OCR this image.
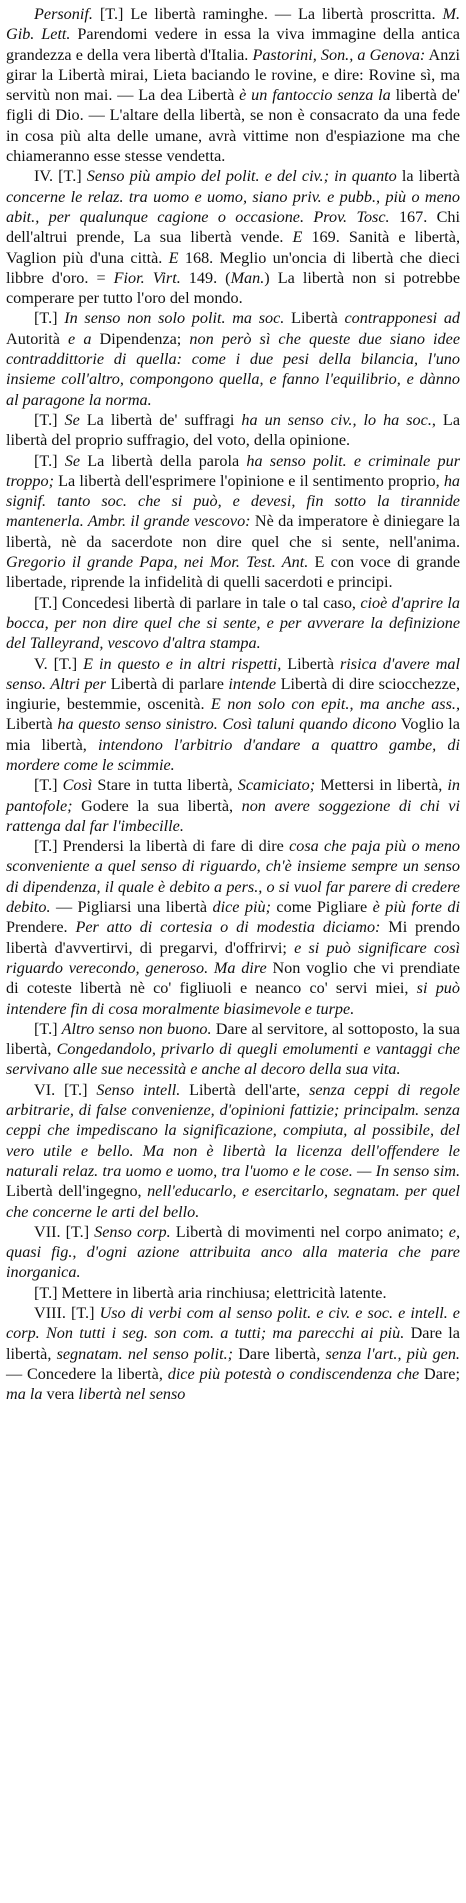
Personif. [T.] Le libertà raminghe. — La libertà proscritta. M. Gib. Lett. Parendomi vedere in essa la viva immagine della antica grandezza e della vera libertà d'Italia. Pastorini, Son., a Genova: Anzi girar la Libertà mirai, Lieta baciando le rovine, e dire: Rovine sì, ma servitù non mai. — La dea Libertà è un fantoccio senza la libertà de' figli di Dio. — L'altare della libertà, se non è consacrato da una fede in cosa più alta delle umane, avrà vittime non d'espiazione ma che chiameranno esse stesse vendetta.

IV. [T.] Senso più ampio del polit. e del civ.; in quanto la libertà concerne le relaz. tra uomo e uomo, siano priv. e pubb., più o meno abit., per qualunque cagione o occasione. Prov. Tosc. 167. Chi dell'altrui prende, La sua libertà vende. E 169. Sanità e libertà, Vaglion più d'una città. E 168. Meglio un'oncia di libertà che dieci libbre d'oro. = Fior. Virt. 149. (Man.) La libertà non si potrebbe comperare per tutto l'oro del mondo.

[T.] In senso non solo polit. ma soc. Libertà contrapponesi ad Autorità e a Dipendenza; non però sì che queste due siano idee contraddittorie di quella: come i due pesi della bilancia, l'uno insieme coll'altro, compongono quella, e fanno l'equilibrio, e dànno al paragone la norma.

[T.] Se La libertà de' suffragi ha un senso civ., lo ha soc., La libertà del proprio suffragio, del voto, della opinione.

[T.] Se La libertà della parola ha senso polit. e criminale pur troppo; La libertà dell'esprimere l'opinione e il sentimento proprio, ha signif. tanto soc. che si può, e devesi, fin sotto la tirannide mantenerla. Ambr. il grande vescovo: Nè da imperatore è diniegare la libertà, nè da sacerdote non dire quel che si sente, nell'anima. Gregorio il grande Papa, nei Mor. Test. Ant. E con voce di grande libertade, riprende la infidelità di quelli sacerdoti e principi.

[T.] Concedesi libertà di parlare in tale o tal caso, cioè d'aprire la bocca, per non dire quel che si sente, e per avverare la definizione del Talleyrand, vescovo d'altra stampa.

V. [T.] E in questo e in altri rispetti, Libertà risica d'avere mal senso. Altri per Libertà di parlare intende Libertà di dire sciocchezze, ingiurie, bestemmie, oscenità. E non solo con epit., ma anche ass., Libertà ha questo senso sinistro. Così taluni quando dicono Voglio la mia libertà, intendono l'arbitrio d'andare a quattro gambe, di mordere come le scimmie.

[T.] Così Stare in tutta libertà, Scamiciato; Mettersi in libertà, in pantofole; Godere la sua libertà, non avere soggezione di chi vi rattenga dal far l'imbecille.

[T.] Prendersi la libertà di fare di dire cosa che paja più o meno sconveniente a quel senso di riguardo, ch'è insieme sempre un senso di dipendenza, il quale è debito a pers., o si vuol far parere di credere debito. — Pigliarsi una libertà dice più; come Pigliare è più forte di Prendere. Per atto di cortesia o di modestia diciamo: Mi prendo libertà d'avvertirvi, di pregarvi, d'offrirvi; e si può significare così riguardo verecondo, generoso. Ma dire Non voglio che vi prendiate di coteste libertà nè co' figliuoli e neanco co' servi miei, si può intendere fin di cosa moralmente biasimevole e turpe.

[T.] Altro senso non buono. Dare al servitore, al sottoposto, la sua libertà, Congedandolo, privarlo di quegli emolumenti e vantaggi che servivano alle sue necessità e anche al decoro della sua vita.

VI. [T.] Senso intell. Libertà dell'arte, senza ceppi di regole arbitrarie, di false convenienze, d'opinioni fattizie; principalm. senza ceppi che impediscano la significazione, compiuta, al possibile, del vero utile e bello. Ma non è libertà la licenza dell'offendere le naturali relaz. tra uomo e uomo, tra l'uomo e le cose. — In senso sim. Libertà dell'ingegno, nell'educarlo, e esercitarlo, segnatam. per quel che concerne le arti del bello.

VII. [T.] Senso corp. Libertà di movimenti nel corpo animato; e, quasi fig., d'ogni azione attribuita anco alla materia che pare inorganica.

[T.] Mettere in libertà aria rinchiusa; elettricità latente.

VIII. [T.] Uso di verbi com al senso polit. e civ. e soc. e intell. e corp. Non tutti i seg. son com. a tutti; ma parecchi ai più. Dare la libertà, segnatam. nel senso polit.; Dare libertà, senza l'art., più gen. — Concedere la libertà, dice più potestà o condiscendenza che Dare; ma la vera libertà nel senso
